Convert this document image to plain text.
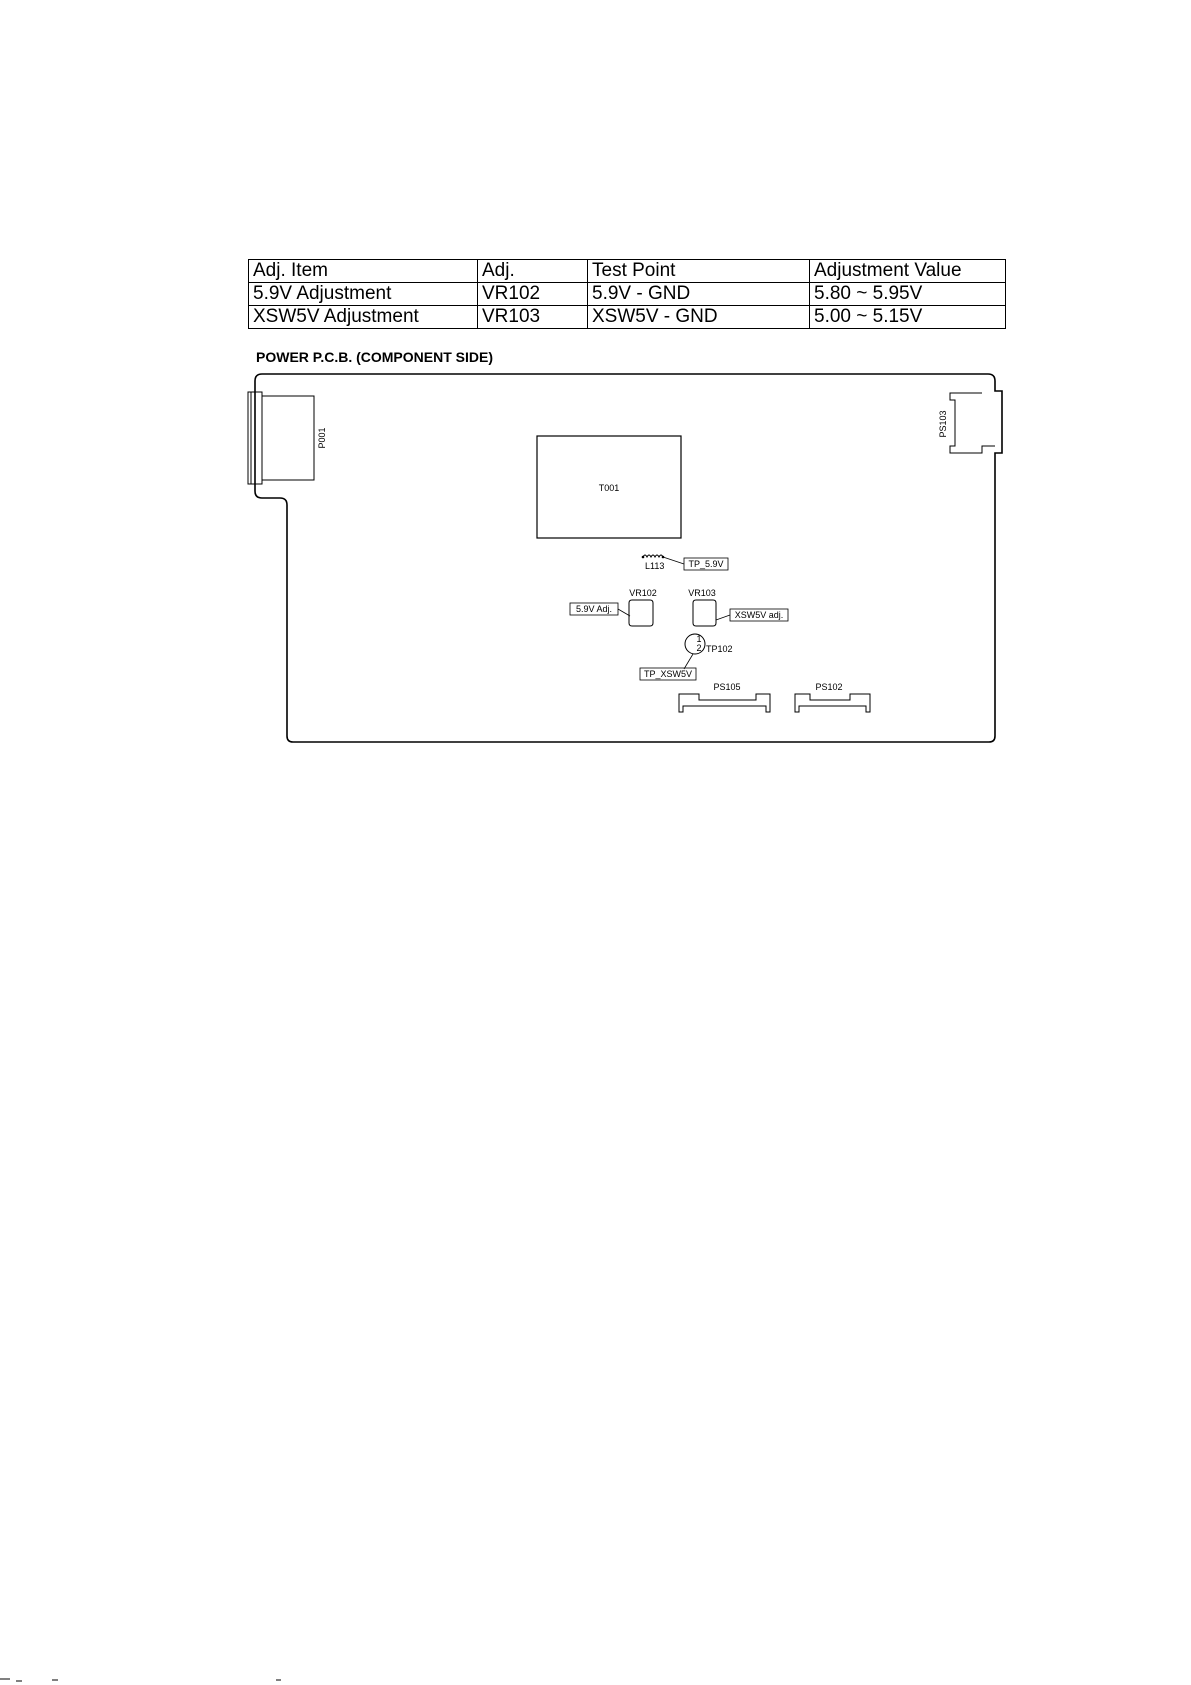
Adj. Item	Adj.	Test Point	Adjustment Value
5.9V Adjustment	VR102	5.9V - GND	5.80 ~ 5.95V
XSW5V Adjustment	VR103	XSW5V - GND	5.00 ~ 5.15V
POWER P.C.B. (COMPONENT SIDE)
P001
PS103
T001
L113	TP_5.9V
VR102
5.9V Adj.
VR103
XSW5V adj.
1
2 TP102
TP_XSW5V
PS105	PS102
